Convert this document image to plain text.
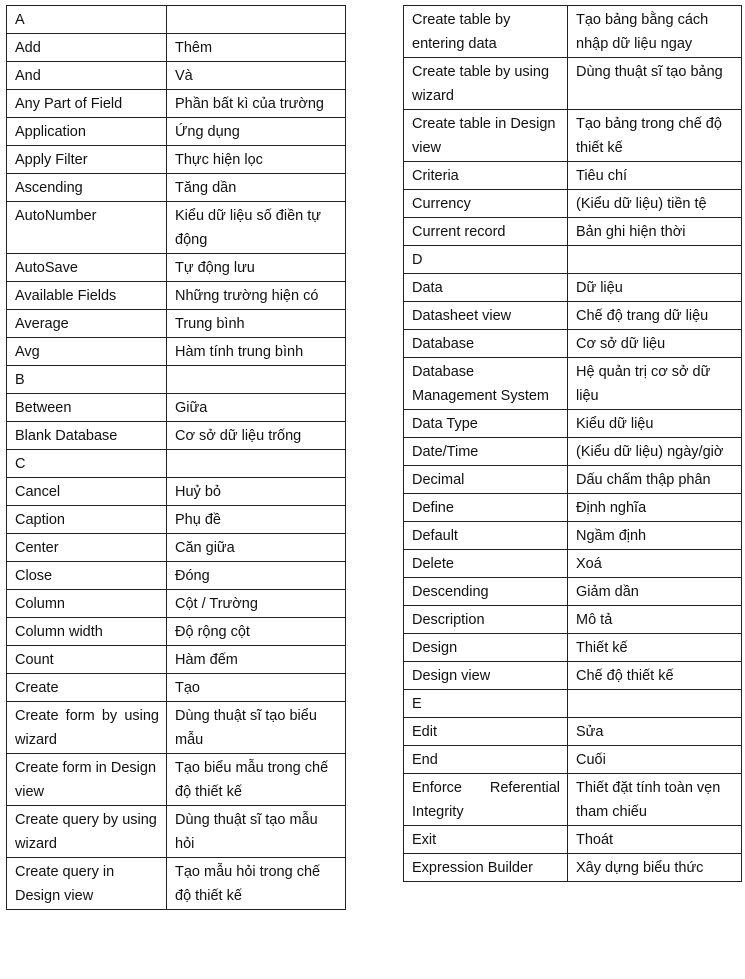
A	
Add	Thêm
And	Và
Any Part of Field	Phần bất kì của trường
Application	Ứng dụng
Apply Filter	Thực hiện lọc
Ascending	Tăng dần
AutoNumber	Kiểu dữ liệu số điền tự động
AutoSave	Tự động lưu
Available Fields	Những trường hiện có
Average	Trung bình
Avg	Hàm tính trung bình
B	
Between	Giữa
Blank Database	Cơ sở dữ liệu trống
C	
Cancel	Huỷ bỏ
Caption	Phụ đề
Center	Căn giữa
Close	Đóng
Column	Cột / Trường
Column width	Độ rộng cột
Count	Hàm đếm
Create	Tạo
Create form by using wizard	Dùng thuật sĩ tạo biểu mẫu
Create form in Design view	Tạo biểu mẫu trong chế độ thiết kế
Create query by using wizard	Dùng thuật sĩ tạo mẫu hỏi
Create query in Design view	Tạo mẫu hỏi trong chế độ thiết kế
Create table by entering data	Tạo bảng bằng cách nhập dữ liệu ngay
Create table by using wizard	Dùng thuật sĩ tạo bảng
Create table in Design view	Tạo bảng trong chế độ thiết kế
Criteria	Tiêu chí
Currency	(Kiểu dữ liệu) tiền tệ
Current record	Bản ghi hiện thời
D	
Data	Dữ liệu
Datasheet view	Chế độ trang dữ liệu
Database	Cơ sở dữ liệu
Database Management System	Hệ quản trị cơ sở dữ liệu
Data Type	Kiểu dữ liệu
Date/Time	(Kiểu dữ liệu) ngày/giờ
Decimal	Dấu chấm thập phân
Define	Định nghĩa
Default	Ngầm định
Delete	Xoá
Descending	Giảm dần
Description	Mô tả
Design	Thiết kế
Design view	Chế độ thiết kế
E	
Edit	Sửa
End	Cuối
Enforce Referential Integrity	Thiết đặt tính toàn vẹn tham chiếu
Exit	Thoát
Expression Builder	Xây dựng biểu thức
